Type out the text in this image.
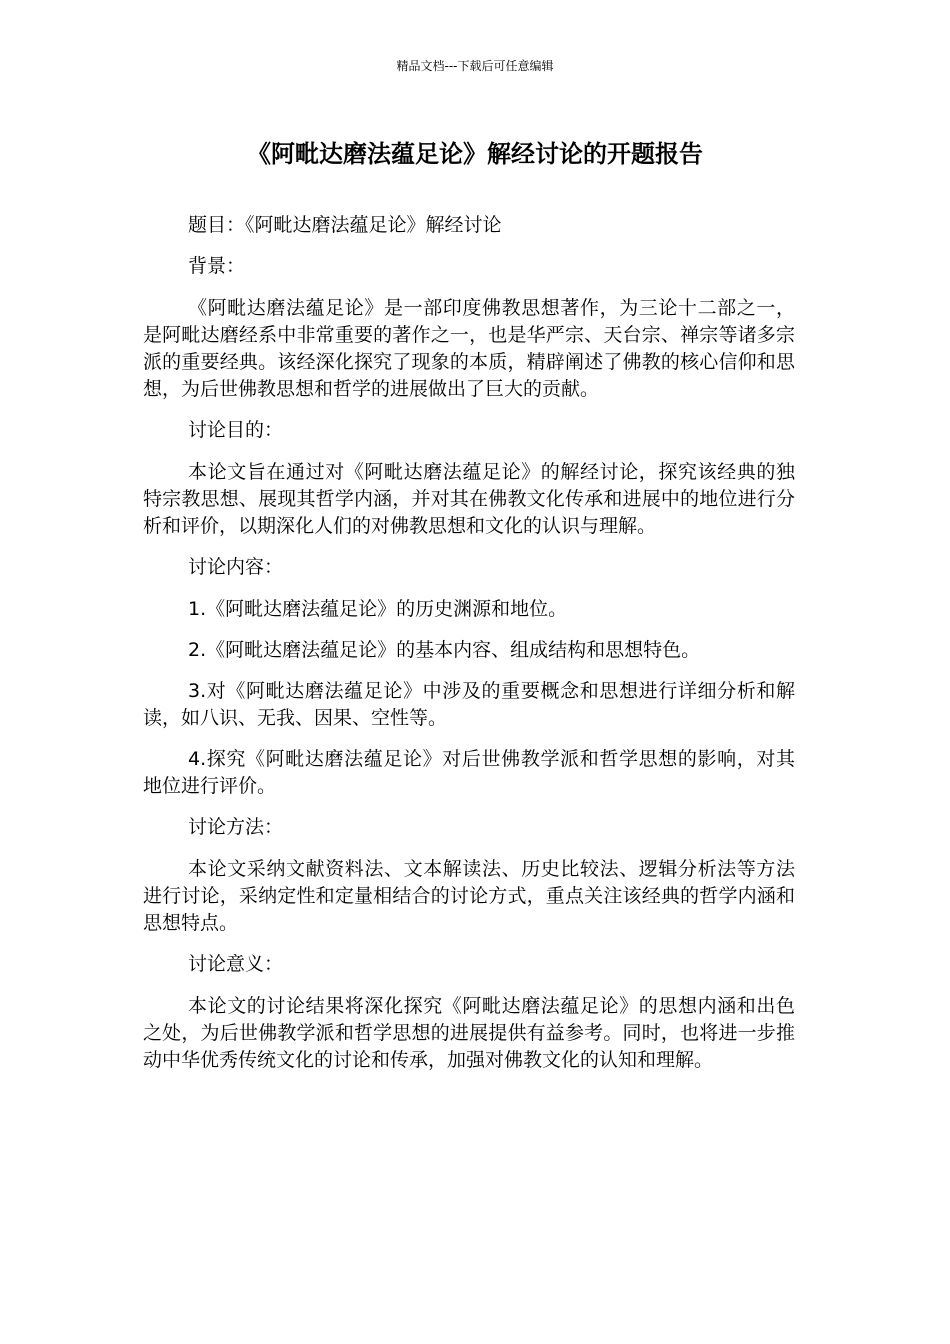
精品文档---下载后可任意编辑
《阿毗达磨法蕴足论》解经讨论的开题报告

题目：《阿毗达磨法蕴足论》解经讨论

背景：

《阿毗达磨法蕴足论》是一部印度佛教思想著作，为三论十二部之一，是阿毗达磨经系中非常重要的著作之一，也是华严宗、天台宗、禅宗等诸多宗派的重要经典。该经深化探究了现象的本质，精辟阐述了佛教的核心信仰和思想，为后世佛教思想和哲学的进展做出了巨大的贡献。

讨论目的：

本论文旨在通过对《阿毗达磨法蕴足论》的解经讨论，探究该经典的独特宗教思想、展现其哲学内涵，并对其在佛教文化传承和进展中的地位进行分析和评价，以期深化人们的对佛教思想和文化的认识与理解。

讨论内容：

1.《阿毗达磨法蕴足论》的历史渊源和地位。

2.《阿毗达磨法蕴足论》的基本内容、组成结构和思想特色。

3.对《阿毗达磨法蕴足论》中涉及的重要概念和思想进行详细分析和解读，如八识、无我、因果、空性等。

4.探究《阿毗达磨法蕴足论》对后世佛教学派和哲学思想的影响，对其地位进行评价。

讨论方法：

本论文采纳文献资料法、文本解读法、历史比较法、逻辑分析法等方法进行讨论，采纳定性和定量相结合的讨论方式，重点关注该经典的哲学内涵和思想特点。

讨论意义：

本论文的讨论结果将深化探究《阿毗达磨法蕴足论》的思想内涵和出色之处，为后世佛教学派和哲学思想的进展提供有益参考。同时，也将进一步推动中华优秀传统文化的讨论和传承，加强对佛教文化的认知和理解。
